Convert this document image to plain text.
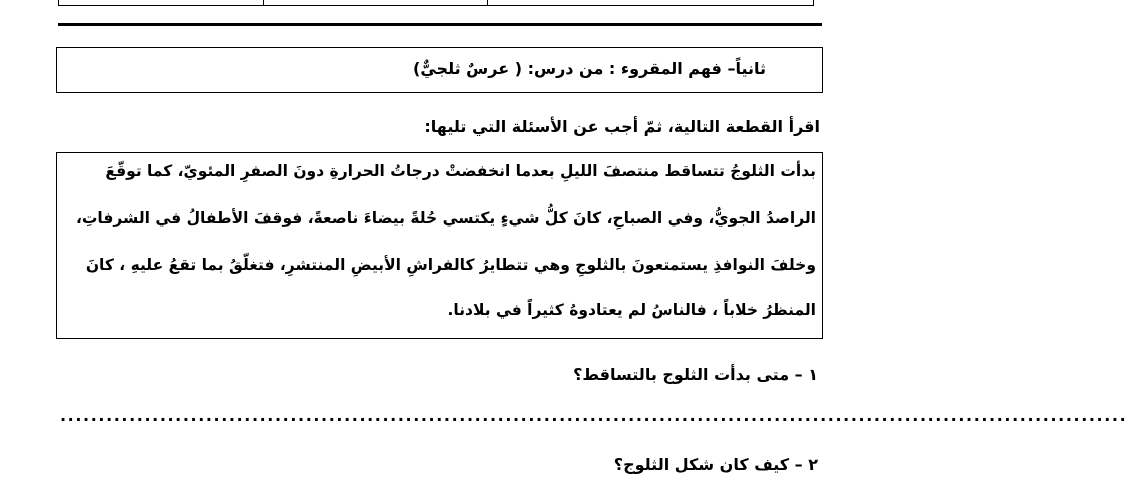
ثانياً– فهم المقروء : من درس: ( عرسٌ ثلجيٌّ)
اقرأ القطعة التالية، ثمّ أجب عن الأسئلة التي تليها:
بدأت الثلوجُ تتساقط منتصفَ الليلِ بعدما انخفضتْ درجاتُ الحرارةِ دونَ الصفرِ المئويّ، كما توقّعَ
الراصدُ الجويُّ، وفي الصباحِ، كانَ كلُّ شيءٍ يكتسي حُلةً بيضاءَ ناصعةً، فوقفَ الأطفالُ في الشرفاتِ،
وخلفَ النوافذِ يستمتعونَ بالثلوجِ وهي تتطايرُ كالفراشِ الأبيضِ المنتشرِ، فتغلّقُ بما تقعُ عليهِ ، كانَ
المنظرُ خلاباً ، فالناسُ لم يعتادوهُ كثيراً في بلادنا.
١ – متى بدأت الثلوج بالتساقط؟
...........................................................................................................................................
٢ – كيف كان شكل الثلوج؟
